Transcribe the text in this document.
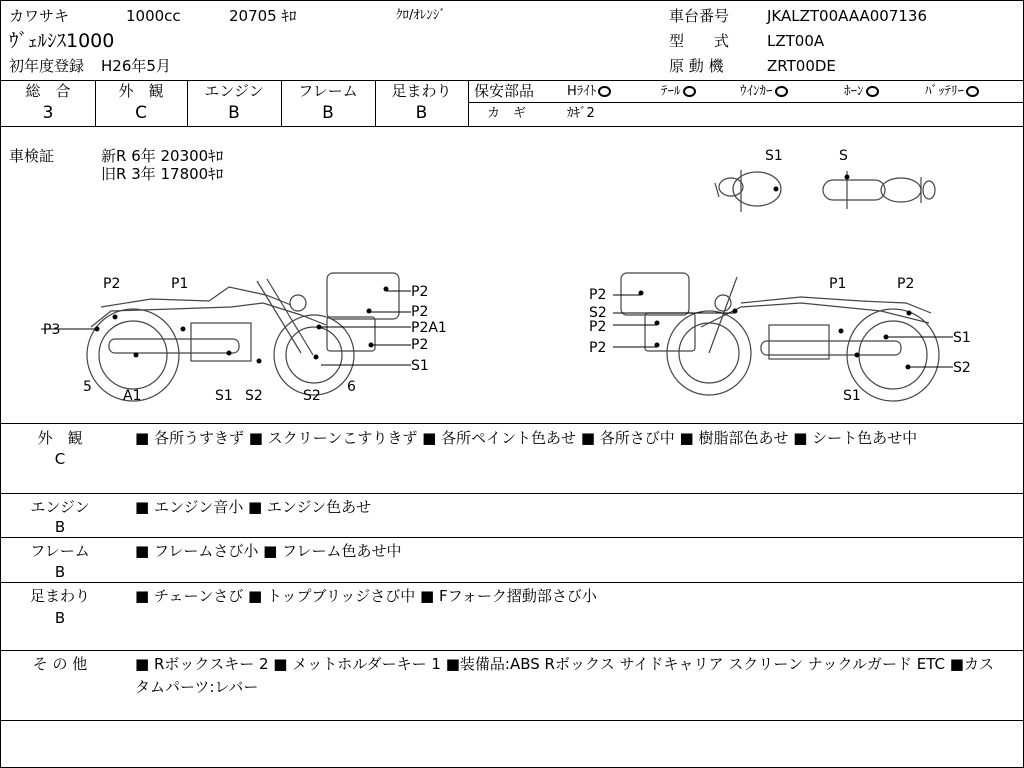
カワサキ	1000cc	20705 ｷﾛ	ｸﾛ/ｵﾚﾝｼﾞ
ｳﾞｪﾙｼｽ1000
初年度登録 H26年5月
車台番号	JKALZT00AAA007136
型　　式	LZT00A
原 動 機	ZRT00DE
総　合	外　観	エンジン	フレーム	足まわり
3	C	B	B	B
保安部品	Hﾗｲﾄ	ﾃｰﾙ	ｳｲﾝｶｰ	ﾎｰﾝ	ﾊﾞｯﾃﾘｰ
カ　ギ	ｶｷﾞ2
車検証	新R 6年 20300ｷﾛ
旧R 3年 17800ｷﾛ
S1	S
P2	P1
P3
5
A1	S1 S2	S2
6
P2
P2
P2A1
P2
S1
P2
S2
P2
P2
P1	P2
S1
S2
S1
外　観
C
■ 各所うすきず ■ スクリーンこすりきず ■ 各所ペイント色あせ ■ 各所さび中 ■ 樹脂部色あせ ■ シート色あせ中
エンジン
B
■ エンジン音小 ■ エンジン色あせ
フレーム
B
■ フレームさび小 ■ フレーム色あせ中
足まわり
B
■ チェーンさび ■ トップブリッジさび中 ■ Fフォーク摺動部さび小
そ の 他	■ Rボックスキー 2 ■ メットホルダーキー 1 ■装備品:ABS Rボックス サイドキャリア スクリーン ナックルガード ETC ■カスタムパーツ:レバー
